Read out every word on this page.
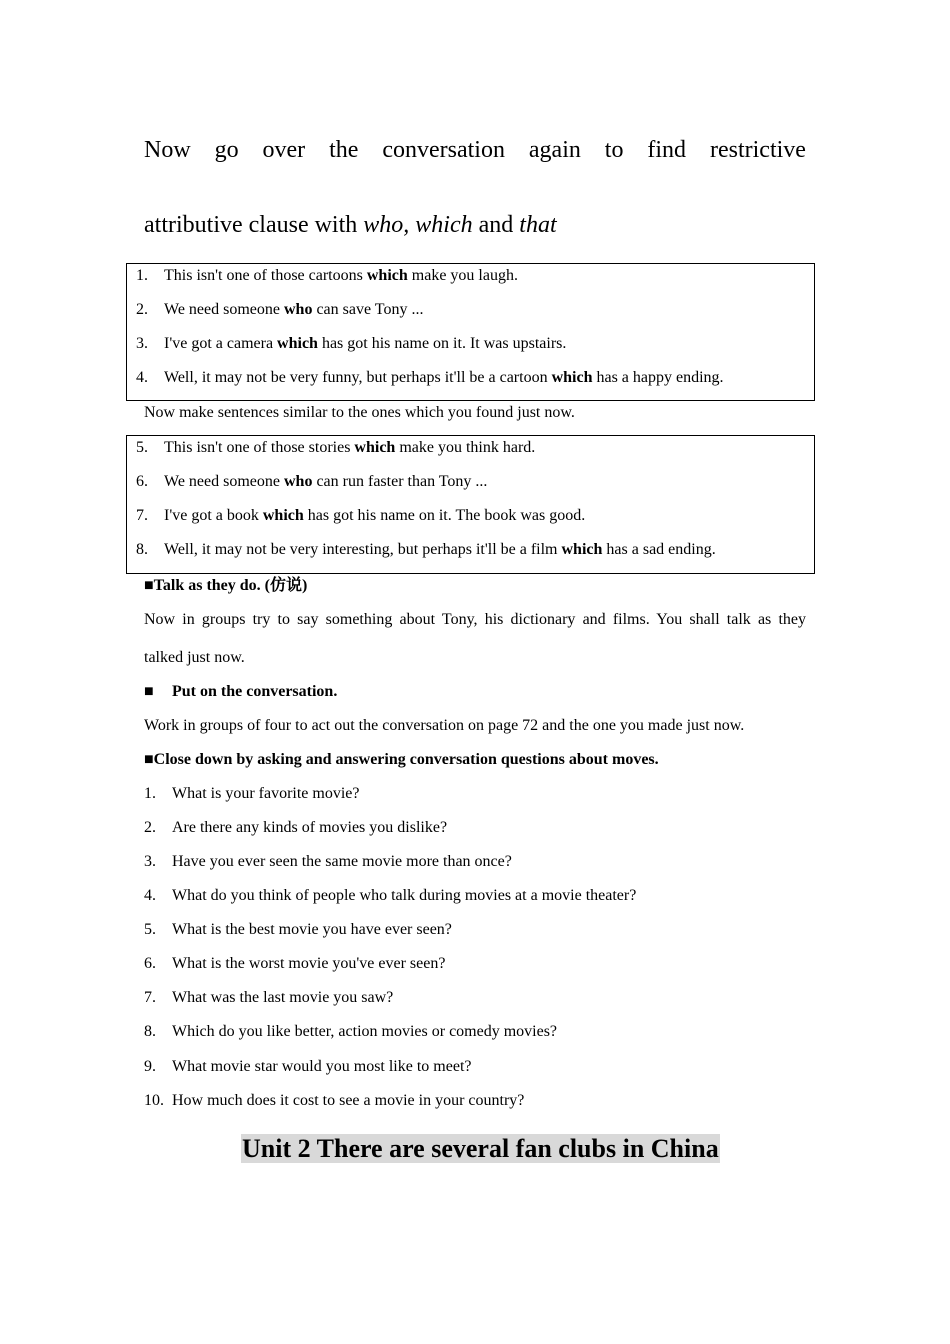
Now go over the conversation again to find restrictive
attributive clause with who, which and that
1. This isn't one of those cartoons which make you laugh.
2. We need someone who can save Tony ...
3. I've got a camera which has got his name on it. It was upstairs.
4. Well, it may not be very funny, but perhaps it'll be a cartoon which has a happy ending.
Now make sentences similar to the ones which you found just now.
5. This isn't one of those stories which make you think hard.
6. We need someone who can run faster than Tony ...
7. I've got a book which has got his name on it. The book was good.
8. Well, it may not be very interesting, but perhaps it'll be a film which has a sad ending.
■Talk as they do. (仿说)
Now in groups try to say something about Tony, his dictionary and films. You shall talk as they
talked just now.
■ Put on the conversation.
Work in groups of four to act out the conversation on page 72 and the one you made just now.
■Close down by asking and answering conversation questions about moves.
1. What is your favorite movie?
2. Are there any kinds of movies you dislike?
3. Have you ever seen the same movie more than once?
4. What do you think of people who talk during movies at a movie theater?
5. What is the best movie you have ever seen?
6. What is the worst movie you've ever seen?
7. What was the last movie you saw?
8. Which do you like better, action movies or comedy movies?
9. What movie star would you most like to meet?
10. How much does it cost to see a movie in your country?
Unit 2 There are several fan clubs in China
